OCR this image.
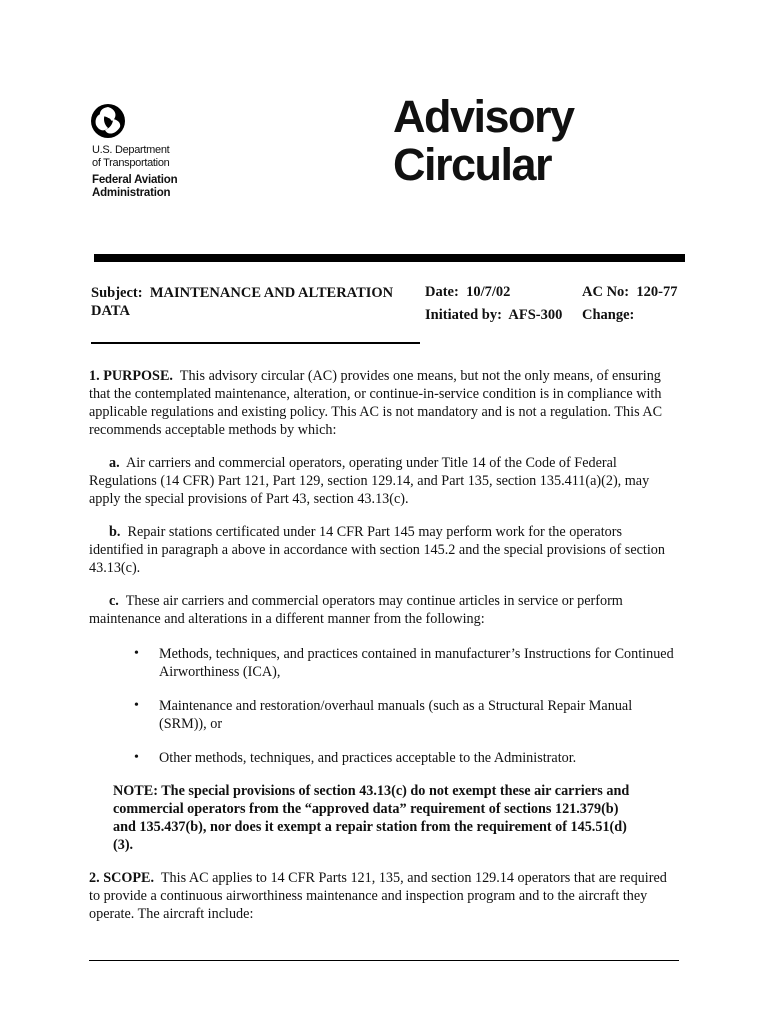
U.S. Department
of Transportation
Federal Aviation
Administration
Advisory
Circular
Subject: MAINTENANCE AND ALTERATION
DATA
Date: 10/7/02
Initiated by: AFS-300
AC No: 120-77
Change:
1. PURPOSE. This advisory circular (AC) provides one means, but not the only means, of ensuring that the contemplated maintenance, alteration, or continue-in-service condition is in compliance with applicable regulations and existing policy. This AC is not mandatory and is not a regulation. This AC recommends acceptable methods by which:
a. Air carriers and commercial operators, operating under Title 14 of the Code of Federal Regulations (14 CFR) Part 121, Part 129, section 129.14, and Part 135, section 135.411(a)(2), may apply the special provisions of Part 43, section 43.13(c).
b. Repair stations certificated under 14 CFR Part 145 may perform work for the operators identified in paragraph a above in accordance with section 145.2 and the special provisions of section 43.13(c).
c. These air carriers and commercial operators may continue articles in service or perform maintenance and alterations in a different manner from the following:
• Methods, techniques, and practices contained in manufacturer’s Instructions for Continued Airworthiness (ICA),
• Maintenance and restoration/overhaul manuals (such as a Structural Repair Manual (SRM)), or
• Other methods, techniques, and practices acceptable to the Administrator.
NOTE: The special provisions of section 43.13(c) do not exempt these air carriers and commercial operators from the “approved data” requirement of sections 121.379(b) and 135.437(b), nor does it exempt a repair station from the requirement of 145.51(d)(3).
2. SCOPE. This AC applies to 14 CFR Parts 121, 135, and section 129.14 operators that are required to provide a continuous airworthiness maintenance and inspection program and to the aircraft they operate. The aircraft include:
